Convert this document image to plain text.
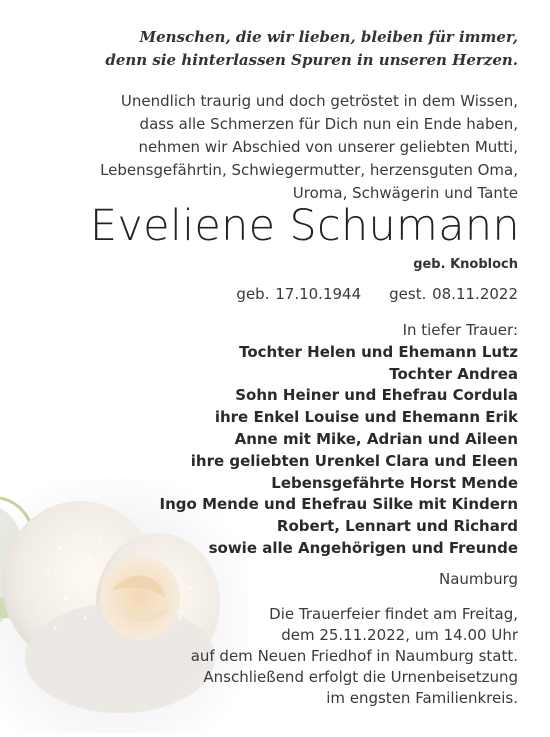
Menschen, die wir lieben, bleiben für immer,
denn sie hinterlassen Spuren in unseren Herzen.
Unendlich traurig und doch getröstet in dem Wissen,
dass alle Schmerzen für Dich nun ein Ende haben,
nehmen wir Abschied von unserer geliebten Mutti,
Lebensgefährtin, Schwiegermutter, herzensguten Oma,
Uroma, Schwägerin und Tante
Eveliene Schumann
geb. Knobloch
geb. 17.10.1944 gest. 08.11.2022
In tiefer Trauer:
Tochter Helen und Ehemann Lutz
Tochter Andrea
Sohn Heiner und Ehefrau Cordula
ihre Enkel Louise und Ehemann Erik
Anne mit Mike, Adrian und Aileen
ihre geliebten Urenkel Clara und Eleen
Lebensgefährte Horst Mende
Ingo Mende und Ehefrau Silke mit Kindern
Robert, Lennart und Richard
sowie alle Angehörigen und Freunde
Naumburg
Die Trauerfeier findet am Freitag,
dem 25.11.2022, um 14.00 Uhr
auf dem Neuen Friedhof in Naumburg statt.
Anschließend erfolgt die Urnenbeisetzung
im engsten Familienkreis.
